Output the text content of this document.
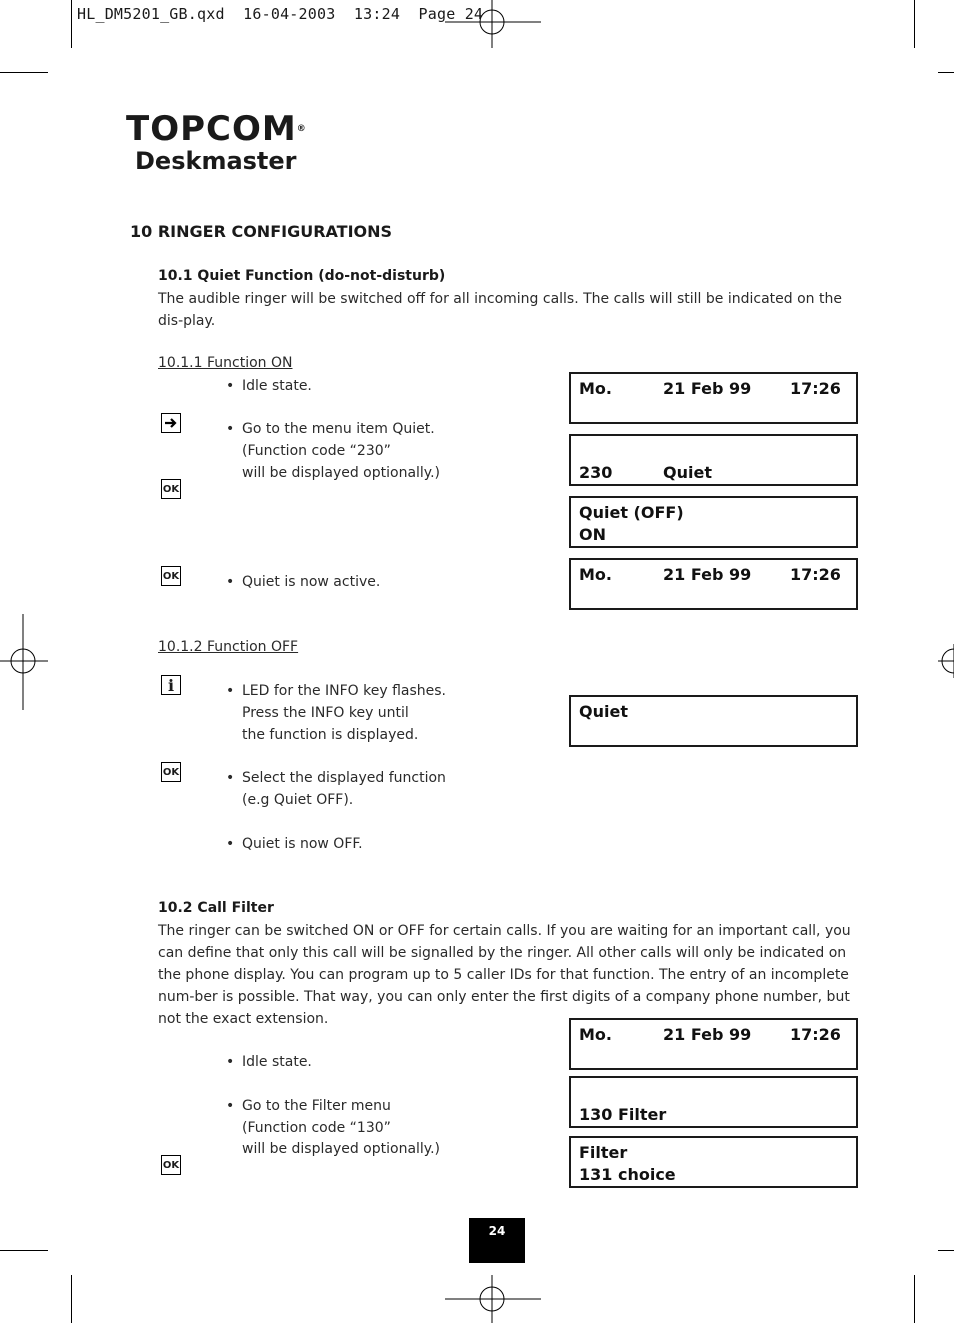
HL_DM5201_GB.qxd  16-04-2003  13:24  Page 24
TOPCOM®
Deskmaster
10 RINGER CONFIGURATIONS
10.1 Quiet Function (do-not-disturb)
The audible ringer will be switched off for all incoming calls. The calls will still be indicated on the dis-play.
10.1.1 Function ON
• Idle state.
• Go to the menu item Quiet.
(Function code “230”
will be displayed optionally.)
OK
OK	• Quiet is now active.
Mo.	21 Feb 99 17:26
230	Quiet
Quiet (OFF)
ON
Mo.	21 Feb 99 17:26
10.1.2 Function OFF
i	• LED for the INFO key flashes.
Press the INFO key until
the function is displayed.
OK	• Select the displayed function
(e.g Quiet OFF).
• Quiet is now OFF.
Quiet
10.2 Call Filter
The ringer can be switched ON or OFF for certain calls. If you are waiting for an important call, you can define that only this call will be signalled by the ringer. All other calls will only be indicated on the phone display. You can program up to 5 caller IDs for that function. The entry of an incomplete num-ber is possible. That way, you can only enter the first digits of a company phone number, but not the exact extension.
• Idle state.
• Go to the Filter menu
(Function code “130”
will be displayed optionally.)
OK
Mo.	21 Feb 99 17:26
130 Filter
Filter
131 choice
24
